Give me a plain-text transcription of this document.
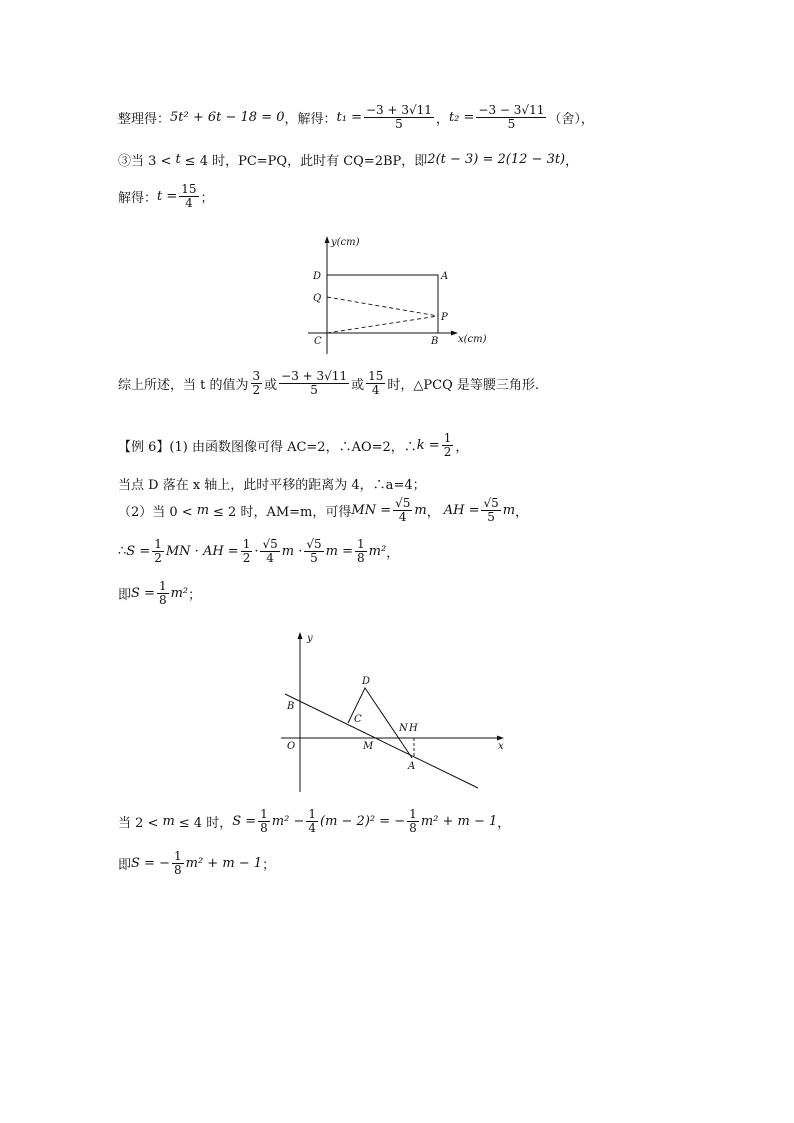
整理得： 5t² + 6t − 18 = 0 ，解得： $t_1 = \frac{-3 + 3√11}{5}$ ， $t_2 = \frac{-3 - 3√11}{5}$ （舍），
③当 3 < t ≤ 4 时，PC=PQ，此时有 CQ=2BP，即 2(t − 3) = 2(12 − 3t) ，
解得： $t = \frac{15}{4}$ ；
y(cm)
x(cm)
D	A
Q
P
C	B
综上所述，当 t 的值为 $\frac{3}{2}$ 或 $\frac{-3 + 3√11}{5}$ 或 $\frac{15}{4}$ 时，△PCQ 是等腰三角形.
【例 6】(1) 由函数图像可得 AC=2，∴AO=2，∴ $k = \frac{1}{2}$ ，
当点 D 落在 x 轴上，此时平移的距离为 4，∴a=4；
（2）当 0 < m ≤ 2 时，AM=m，可得 MN = $\frac{√5}{4}$ m ， AH = $\frac{√5}{5}$ m ，
∴ $S = \frac{1}{2}$ MN · AH = $\frac{1}{2} \cdot \frac{√5}{4}$ $m \cdot \frac{√5}{5}$ $m = \frac{1}{8} m^2$ ，
即 $S = \frac{1}{8} m^2$ ；
D
B
C
N H
O	M
A
x
y
当 2 < m ≤ 4 时， $S = \frac{1}{8} m^2 - \frac{1}{4} (m - 2)^2$ = − $\frac{1}{8} m^2 + m - 1$ ，
即 S = − $\frac{1}{8} m^2 + m - 1$ ；
